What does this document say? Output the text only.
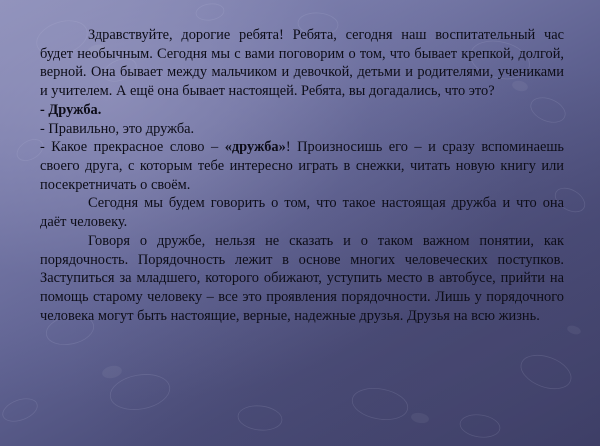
Здравствуйте, дорогие ребята! Ребята, сегодня наш воспитательный час будет необычным. Сегодня мы с вами поговорим о том, что бывает крепкой, долгой, верной. Она бывает между мальчиком и девочкой, детьми и родителями, учениками и учителем. А ещё она бывает настоящей. Ребята, вы догадались, что это?

- Дружба.

- Правильно, это дружба.

- Какое прекрасное слово – «дружба»! Произносишь его – и сразу вспоминаешь своего друга, с которым тебе интересно играть в снежки, читать новую книгу или посекретничать о своём.

Сегодня мы будем говорить о том, что такое настоящая дружба и что она даёт человеку.

Говоря о дружбе, нельзя не сказать и о таком важном понятии, как порядочность. Порядочность лежит в основе многих человеческих поступков. Заступиться за младшего, которого обижают, уступить место в автобусе, прийти на помощь старому человеку – все это проявления порядочности. Лишь у порядочного человека могут быть настоящие, верные, надежные друзья. Друзья на всю жизнь.
